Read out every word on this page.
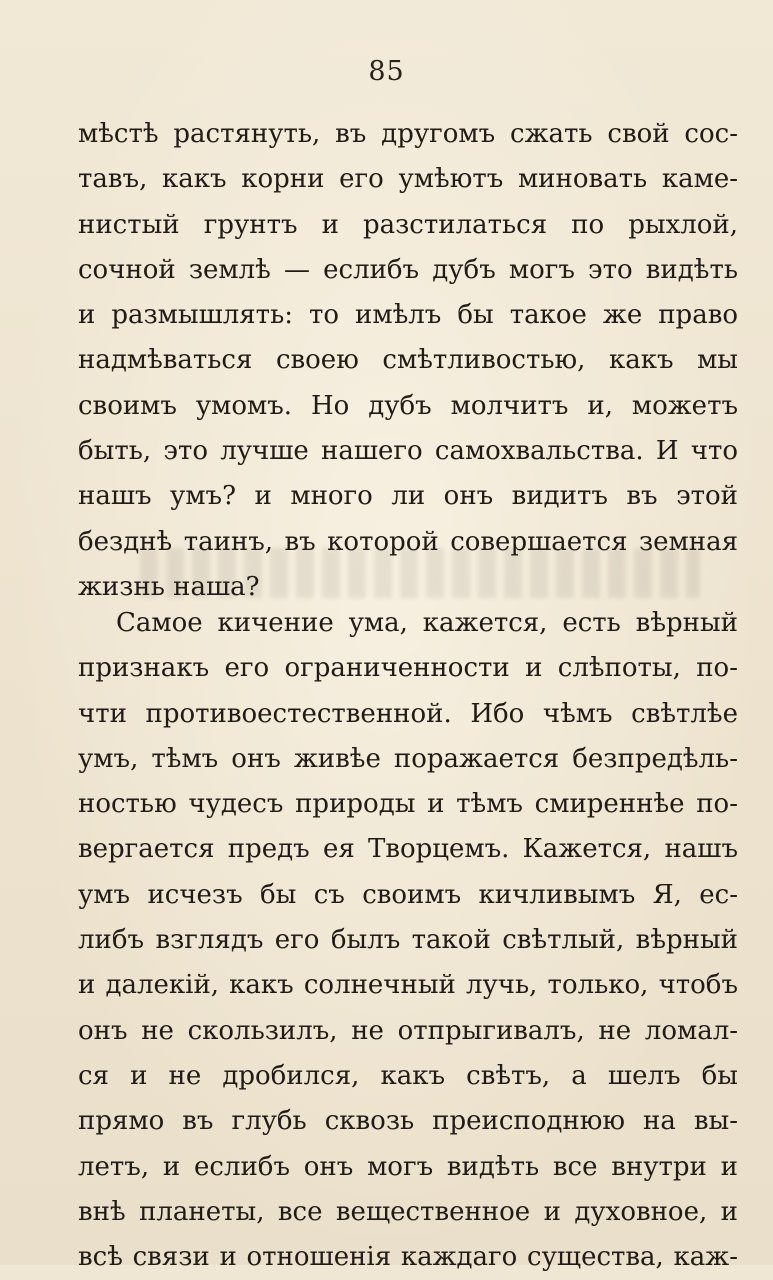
85
мѣстѣ растянуть, въ другомъ сжать свой сос-
тавъ, какъ корни его умѣютъ миновать каме-
нистый грунтъ и разстилаться по рыхлой,
сочной землѣ — еслибъ дубъ могъ это видѣть
и размышлять: то имѣлъ бы такое же право
надмѣваться своею смѣтливостью, какъ мы
своимъ умомъ. Но дубъ молчитъ и, можетъ
быть, это лучше нашего самохвальства. И что
нашъ умъ? и много ли онъ видитъ въ этой
безднѣ таинъ, въ которой совершается земная
жизнь наша?
Самое кичение ума, кажется, есть вѣрный
признакъ его ограниченности и слѣпоты, по-
чти противоестественной. Ибо чѣмъ свѣтлѣе
умъ, тѣмъ онъ живѣе поражается безпредѣль-
ностью чудесъ природы и тѣмъ смиреннѣе по-
вергается предъ ея Творцемъ. Кажется, нашъ
умъ исчезъ бы съ своимъ кичливымъ Я, ес-
либъ взглядъ его былъ такой свѣтлый, вѣрный
и далекій, какъ солнечный лучь, только, чтобъ
онъ не скользилъ, не отпрыгивалъ, не ломал-
ся и не дробился, какъ свѣтъ, а шелъ бы
прямо въ глубь сквозь преисподнюю на вы-
летъ, и еслибъ онъ могъ видѣть все внутри и
внѣ планеты, все вещественное и духовное, и
всѣ связи и отношенія каждаго существа, каж-
